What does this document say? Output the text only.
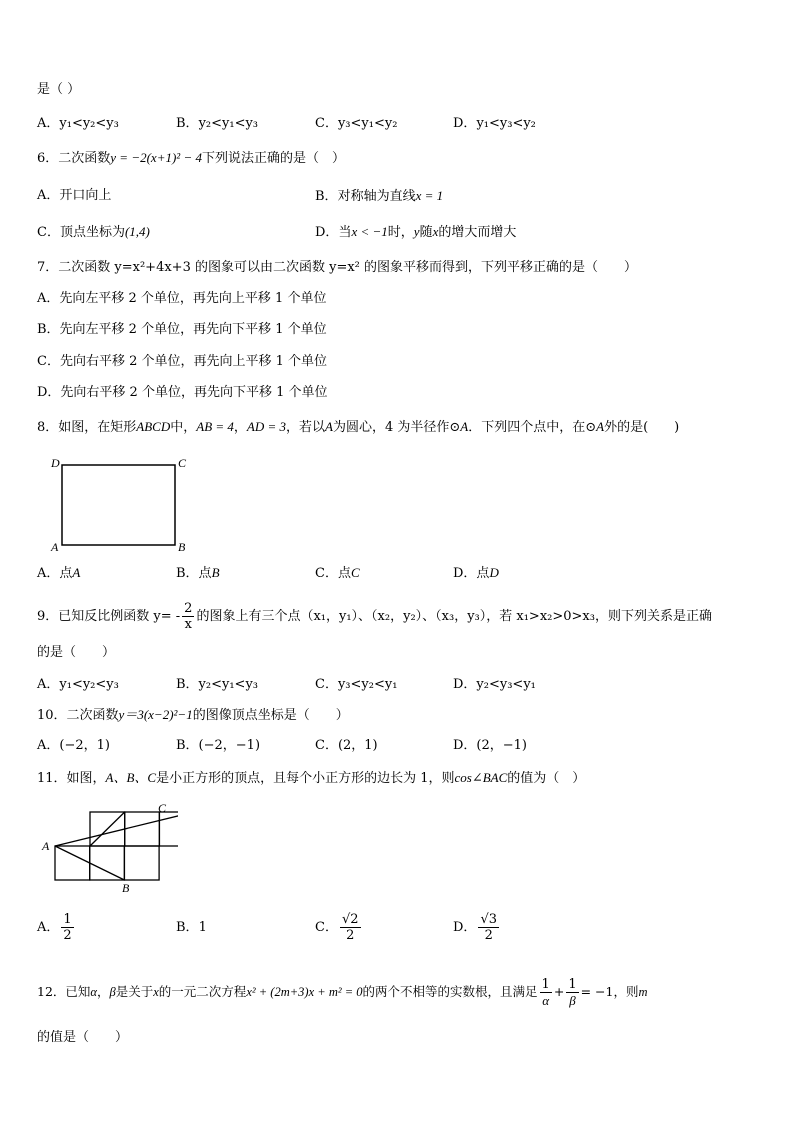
是（ ）
A．y₁<y₂<y₃	B．y₂<y₁<y₃	C．y₃<y₁<y₂	D．y₁<y₃<y₂
6．二次函数y = −2(x+1)² − 4下列说法正确的是（　）
A．开口向上	B．对称轴为直线x = 1
C．顶点坐标为(1,4)	D．当x < −1时，y随x的增大而增大
7．二次函数 y=x²+4x+3 的图象可以由二次函数 y=x² 的图象平移而得到，下列平移正确的是（　　）
A．先向左平移 2 个单位，再先向上平移 1 个单位
B．先向左平移 2 个单位，再先向下平移 1 个单位
C．先向右平移 2 个单位，再先向上平移 1 个单位
D．先向右平移 2 个单位，再先向下平移 1 个单位
8．如图，在矩形ABCD中，AB = 4，AD = 3，若以A为圆心，4 为半径作⊙A．下列四个点中，在⊙A外的是(　　)
D	C
A	B
A．点A	B．点B	C．点C	D．点D
9．已知反比例函数 $y= - \frac{2}{x}$ 的图象上有三个点（x₁，y₁）、（x₂，y₂）、（x₃，y₃），若 x₁>x₂>0>x₃，则下列关系是正确
的是（　　）
A．y₁<y₂<y₃	B．y₂<y₁<y₃	C．y₃<y₂<y₁	D．y₂<y₃<y₁
10．二次函数y＝3(x−2)²−1的图像顶点坐标是（　　）
A．(−2，1)	B．(−2，−1)	C．(2，1)	D．(2，−1)
11．如图，A、B、C是小正方形的顶点，且每个小正方形的边长为 1，则cos∠BAC的值为（　）
A
B
C
A． $\frac{1}{2}$	B．1	C． $\frac{√2}{2}$	D． $\frac{√3}{2}$
12．已知α，β是关于x的一元二次方程x² + (2m+3)x + m² = 0的两个不相等的实数根，且满足 $\frac{1}{\alpha} + \frac{1}{\beta} = -1$，则m
的值是（　　）
